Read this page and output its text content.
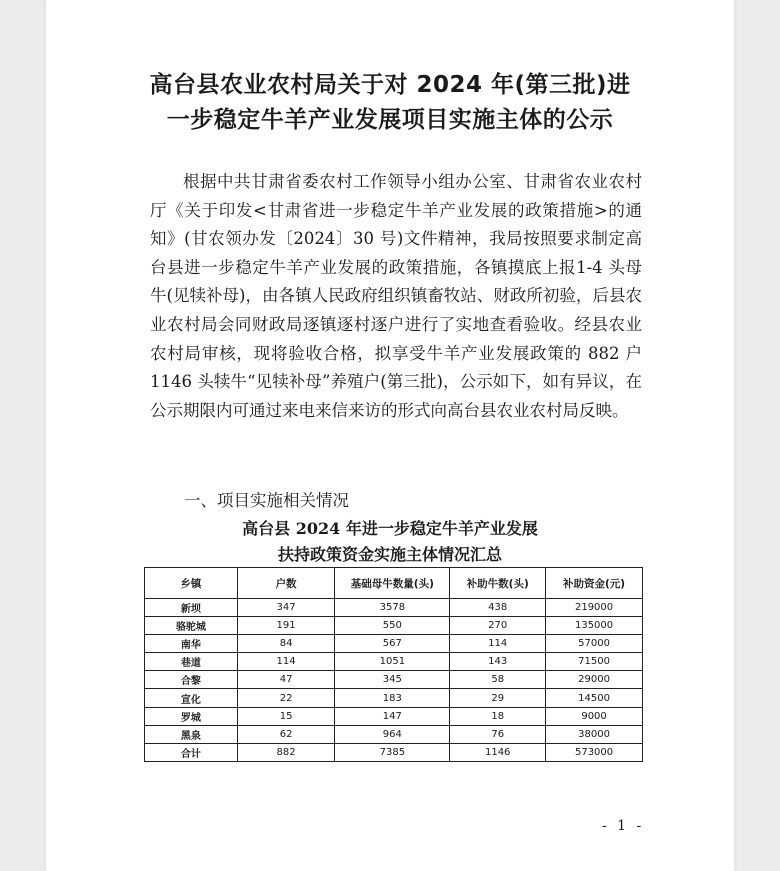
高台县农业农村局关于对 2024 年(第三批)进
一步稳定牛羊产业发展项目实施主体的公示

根据中共甘肃省委农村工作领导小组办公室、甘肃省农业农村厅《关于印发<甘肃省进一步稳定牛羊产业发展的政策措施>的通知》(甘农领办发〔2024〕30 号)文件精神，我局按照要求制定高台县进一步稳定牛羊产业发展的政策措施，各镇摸底上报1-4 头母牛(见犊补母)，由各镇人民政府组织镇畜牧站、财政所初验，后县农业农村局会同财政局逐镇逐村逐户进行了实地查看验收。经县农业农村局审核，现将验收合格，拟享受牛羊产业发展政策的 882 户 1146 头犊牛“见犊补母”养殖户(第三批)，公示如下，如有异议，在公示期限内可通过来电来信来访的形式向高台县农业农村局反映。

一、项目实施相关情况
高台县 2024 年进一步稳定牛羊产业发展
扶持政策资金实施主体情况汇总
乡镇	户数	基础母牛数量(头)	补助牛数(头)	补助资金(元)
新坝	347	3578	438	219000
骆驼城	191	550	270	135000
南华	84	567	114	57000
巷道	114	1051	143	71500
合黎	47	345	58	29000
宣化	22	183	29	14500
罗城	15	147	18	9000
黑泉	62	964	76	38000
合计	882	7385	1146	573000
- 1 -
